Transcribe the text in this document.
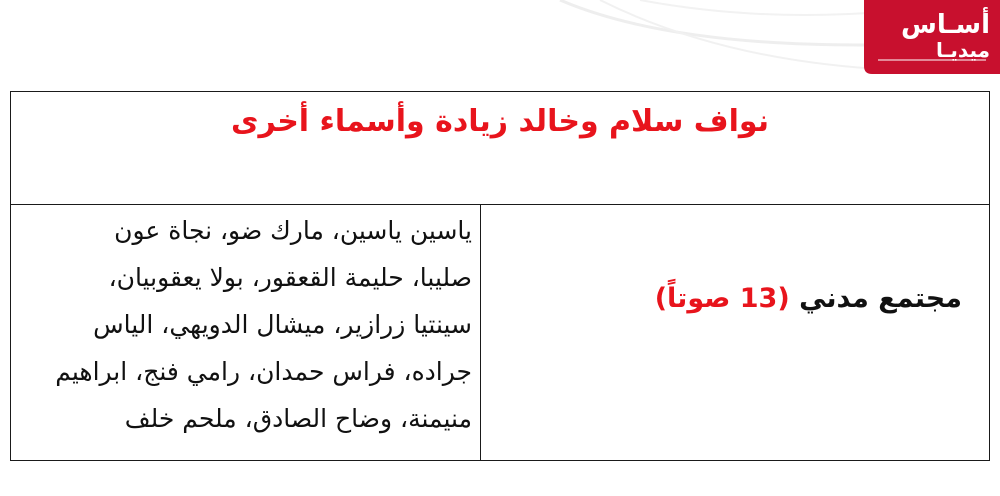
أسـاس
ميديـا
نواف سلام وخالد زيادة وأسماء أخرى
ياسين ياسين، مارك ضو، نجاة عون
صليبا، حليمة القعقور، بولا يعقوبيان،
سينتيا زرازير، ميشال الدويهي، الياس
جراده، فراس حمدان، رامي فنج، ابراهيم
منيمنة، وضاح الصادق، ملحم خلف
مجتمع مدني (13 صوتاً)
